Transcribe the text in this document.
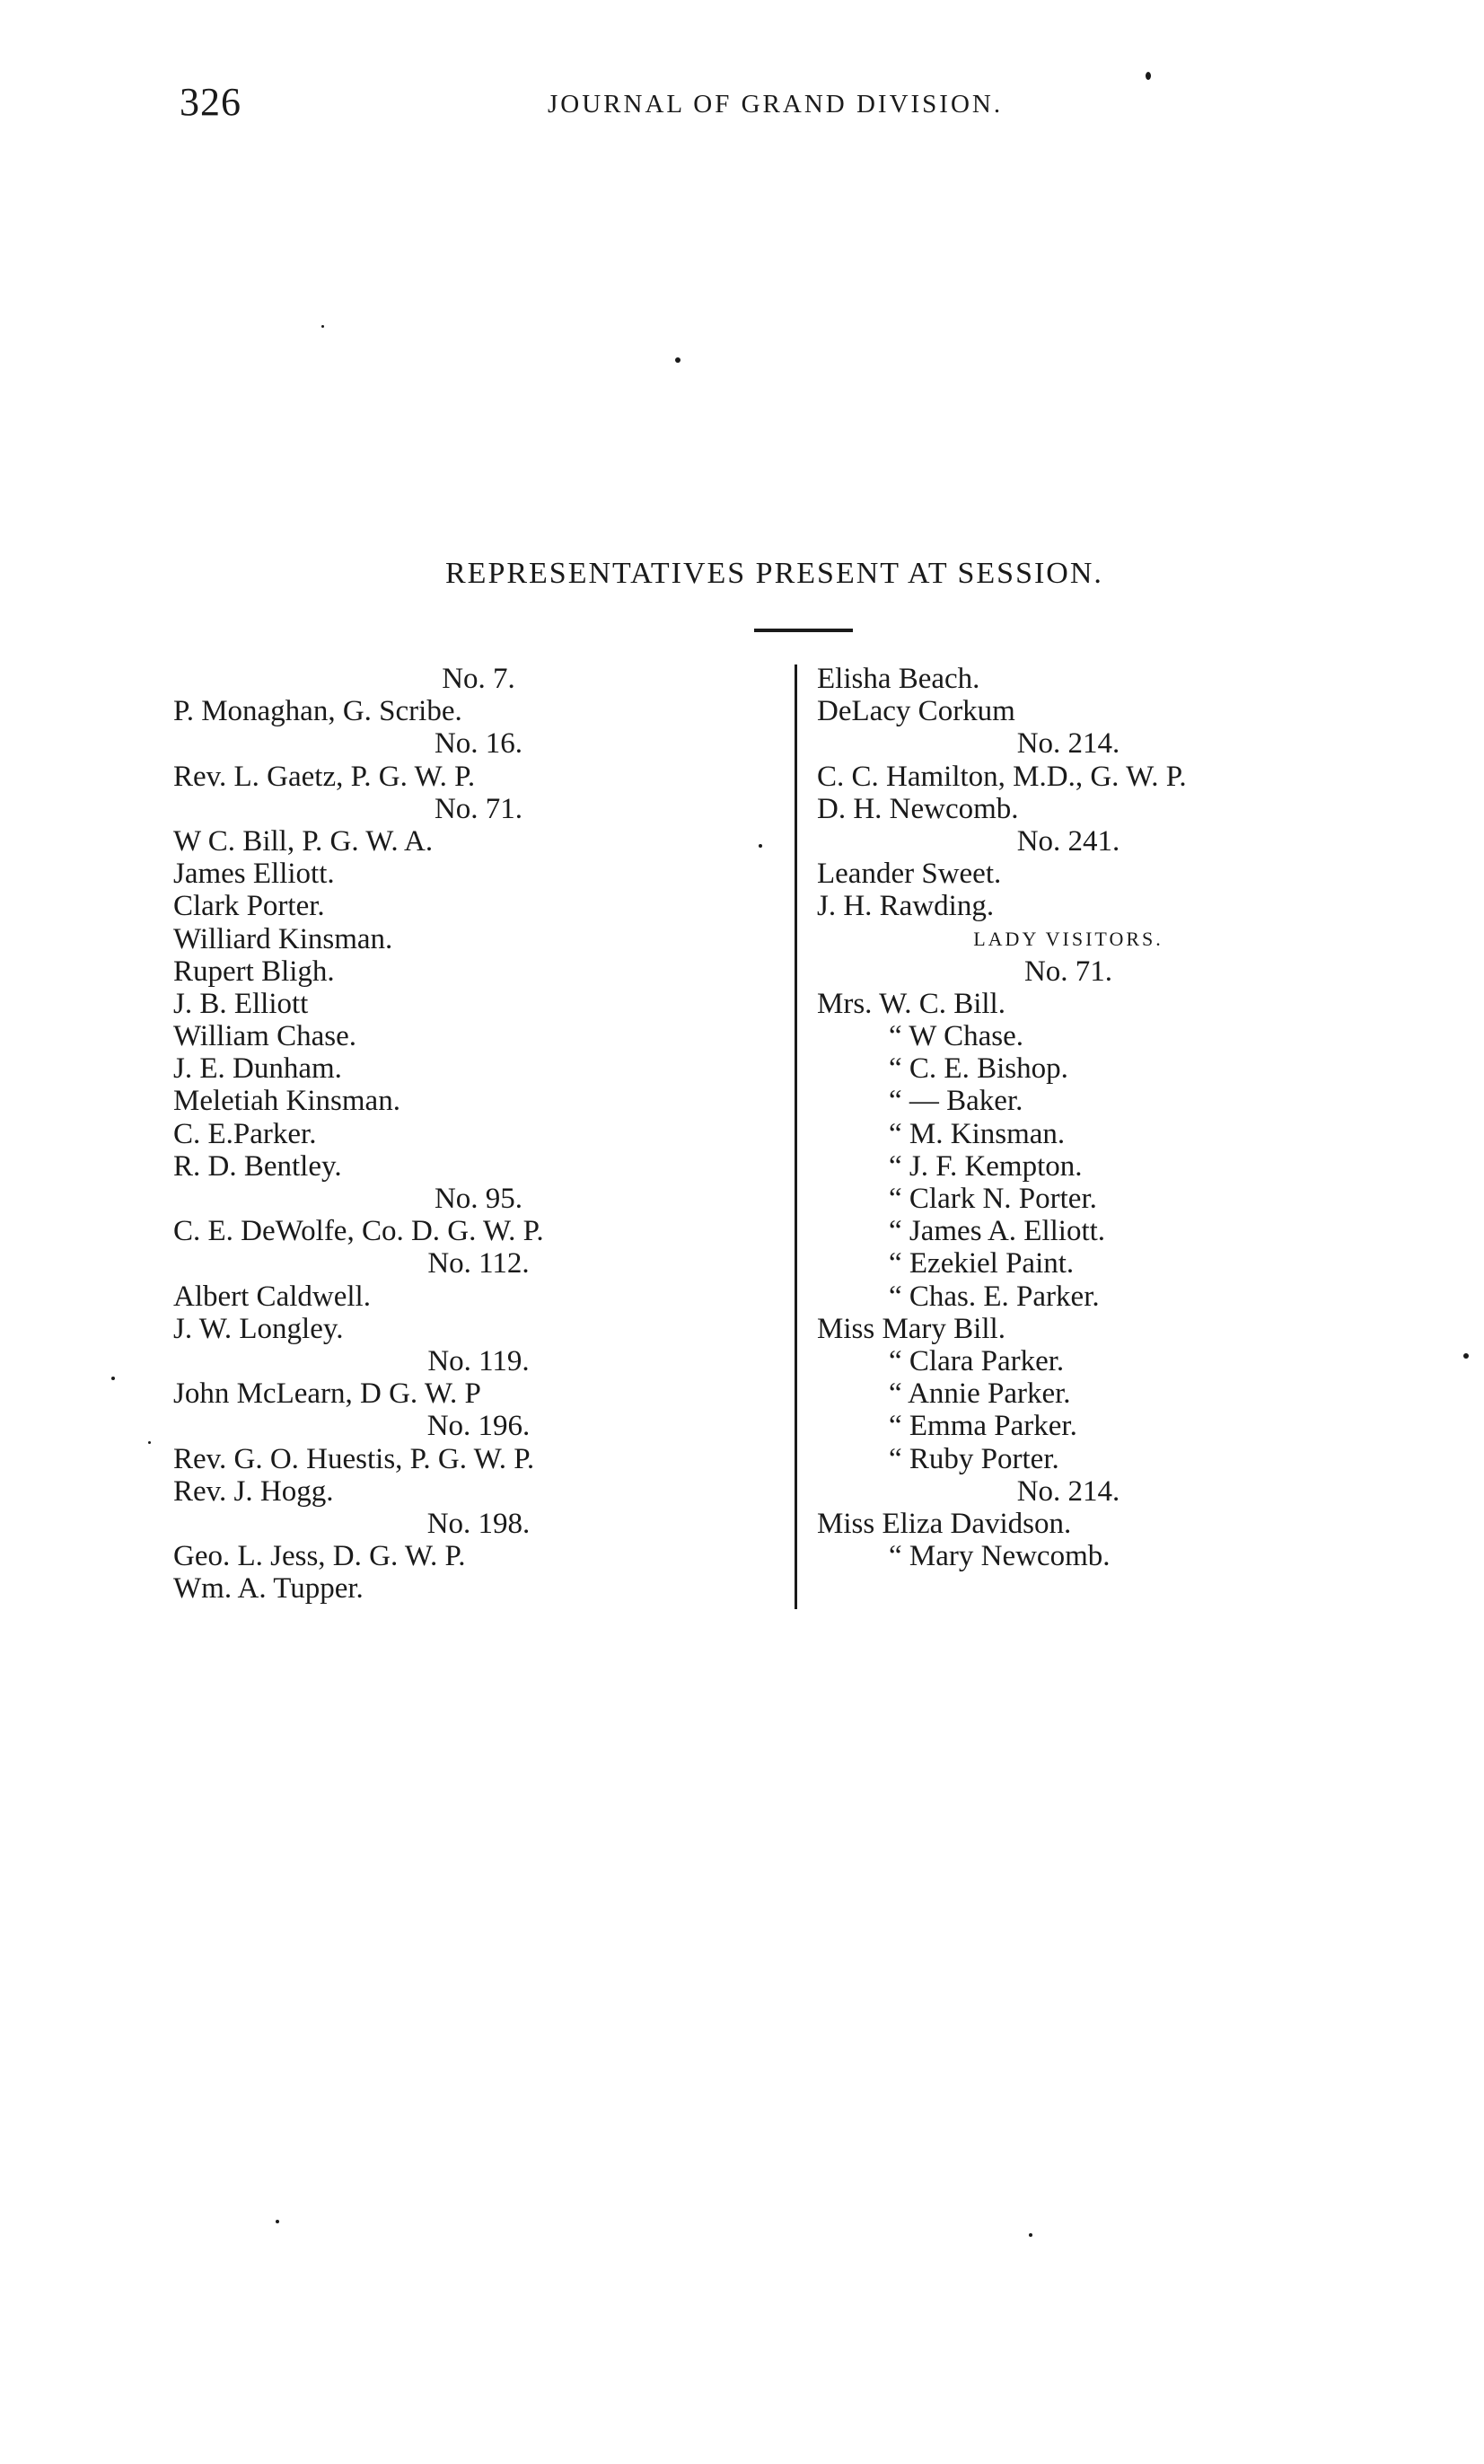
326	JOURNAL OF GRAND DIVISION.
REPRESENTATIVES PRESENT AT SESSION.
No. 7.
P. Monaghan, G. Scribe.
No. 16.
Rev. L. Gaetz, P. G. W. P.
No. 71.
W C. Bill, P. G. W. A.
James Elliott.
Clark Porter.
Williard Kinsman.
Rupert Bligh.
J. B. Elliott
William Chase.
J. E. Dunham.
Meletiah Kinsman.
C. E.Parker.
R. D. Bentley.
No. 95.
C. E. DeWolfe, Co. D. G. W. P.
No. 112.
Albert Caldwell.
J. W. Longley.
No. 119.
John McLearn, D G. W. P
No. 196.
Rev. G. O. Huestis, P. G. W. P.
Rev. J. Hogg.
No. 198.
Geo. L. Jess, D. G. W. P.
Wm. A. Tupper.
Elisha Beach.
DeLacy Corkum
No. 214.
C. C. Hamilton, M.D., G. W. P.
D. H. Newcomb.
No. 241.
Leander Sweet.
J. H. Rawding.
LADY VISITORS.
No. 71.
Mrs. W. C. Bill.
“ W Chase.
“ C. E. Bishop.
“ — Baker.
“ M. Kinsman.
“ J. F. Kempton.
“ Clark N. Porter.
“ James A. Elliott.
“ Ezekiel Paint.
“ Chas. E. Parker.
Miss Mary Bill.
“ Clara Parker.
“ Annie Parker.
“ Emma Parker.
“ Ruby Porter.
No. 214.
Miss Eliza Davidson.
“ Mary Newcomb.
